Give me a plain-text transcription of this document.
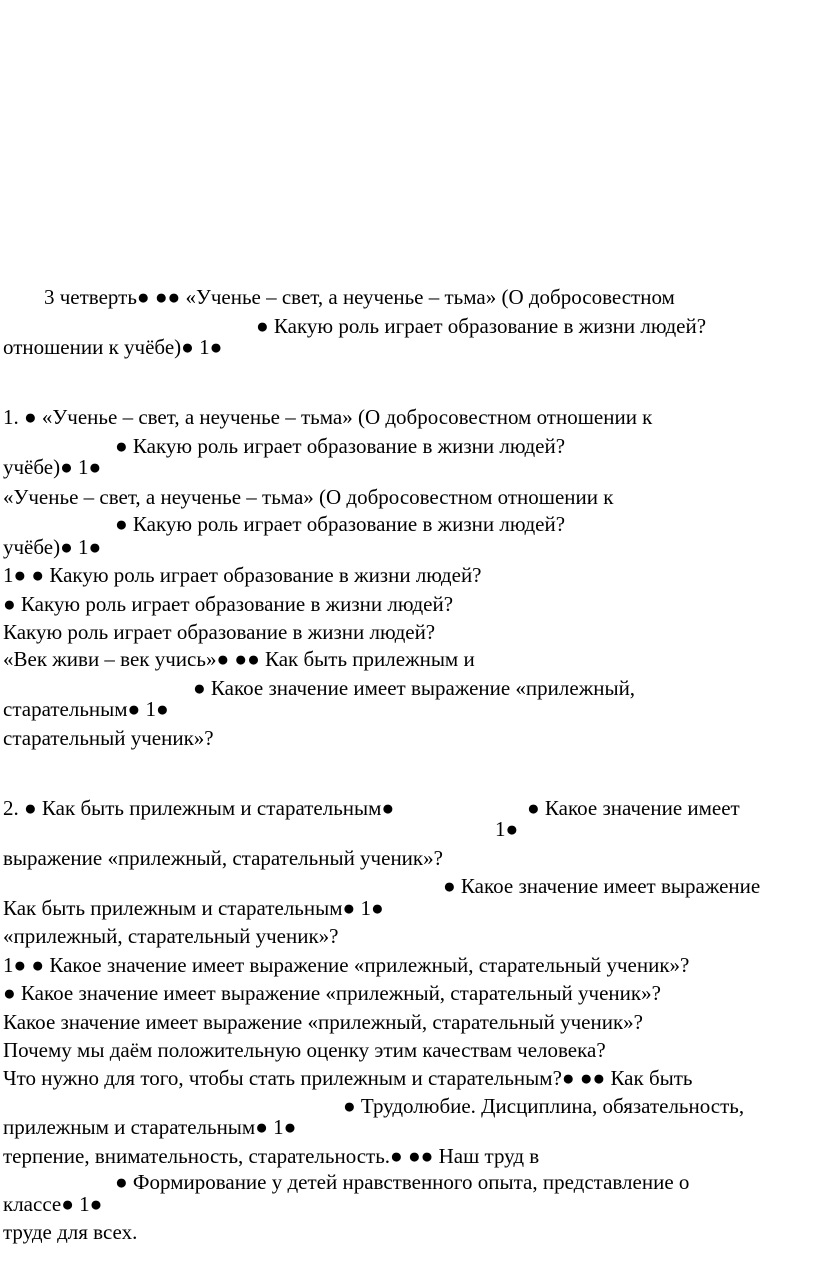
3 четверть● ●● «Ученье – свет, а неученье – тьма» (О добросовестном
● Какую роль играет образование в жизни людей?
отношении к учёбе)● 1●
1. ● «Ученье – свет, а неученье – тьма» (О добросовестном отношении к
● Какую роль играет образование в жизни людей?
учёбе)● 1●
«Ученье – свет, а неученье – тьма» (О добросовестном отношении к
● Какую роль играет образование в жизни людей?
учёбе)● 1●
1● ● Какую роль играет образование в жизни людей?
● Какую роль играет образование в жизни людей?
Какую роль играет образование в жизни людей?
«Век живи – век учись»● ●● Как быть прилежным и
● Какое значение имеет выражение «прилежный,
старательным● 1●
старательный ученик»?
2. ● Как быть прилежным и старательным●	● Какое значение имеет
1●
выражение «прилежный, старательный ученик»?
● Какое значение имеет выражение
Как быть прилежным и старательным● 1●
«прилежный, старательный ученик»?
1● ● Какое значение имеет выражение «прилежный, старательный ученик»?
● Какое значение имеет выражение «прилежный, старательный ученик»?
Какое значение имеет выражение «прилежный, старательный ученик»?
Почему мы даём положительную оценку этим качествам человека?
Что нужно для того, чтобы стать прилежным и старательным?● ●● Как быть
● Трудолюбие. Дисциплина, обязательность,
прилежным и старательным● 1●
терпение, внимательность, старательность.● ●● Наш труд в
● Формирование у детей нравственного опыта, представление о
классе● 1●
труде для всех.
